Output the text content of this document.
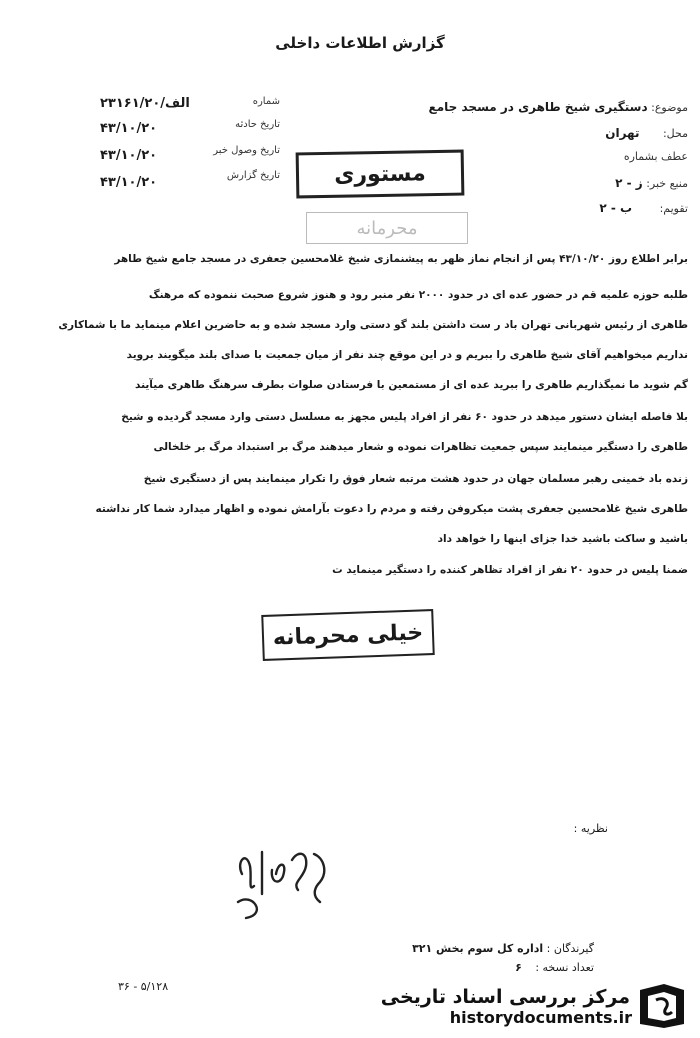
گزارش اطلاعات داخلی
شماره
۲۳۱۶۱/۲۰/الف
تاریخ حادثه
۴۳/۱۰/۲۰
تاریخ وصول خبر
۴۳/۱۰/۲۰
تاریخ گزارش
۴۳/۱۰/۲۰
موضوع: دستگیری شیخ طاهری در مسجد جامع
محل: تهران
عطف بشماره
منبع خبر: ز - ۲
تقویم: ب - ۲
مستوری
محرمانه
برابر اطلاع روز ۴۳/۱۰/۲۰ پس از انجام نماز ظهر به پیشنمازی شیخ غلامحسین جعفری در مسجد جامع شیخ طاهر
طلبه حوزه علمیه قم در حضور عده ای در حدود ۲۰۰۰ نفر منبر رود و هنوز شروع صحبت ننموده که مرهنگ
طاهری از رئیس شهربانی تهران باد ر ست داشتن بلند گو دستی وارد مسجد شده و به حاضرین اعلام مینماید ما با شماکاری
نداریم میخواهیم آقای شیخ طاهری را ببریم و در این موقع چند نفر از میان جمعیت با صدای بلند میگویند بروید
گم شوید ما نمیگذاریم طاهری را ببرید عده ای از مستمعین با فرستادن صلوات بطرف سرهنگ طاهری میآیند
بلا فاصله ایشان دستور میدهد در حدود ۶۰ نفر از افراد پلیس مجهز به مسلسل دستی وارد مسجد گردیده و شیخ
طاهری را دستگیر مینمایند سپس جمعیت تظاهرات نموده و شعار میدهند مرگ بر استبداد مرگ بر خلخالی
زنده باد خمینی رهبر مسلمان جهان در حدود هشت مرتبه شعار فوق را تکرار مینمایند پس از دستگیری شیخ
طاهری شیخ غلامحسین جعفری پشت میکروفن رفته و مردم را دعوت بآرامش نموده و اظهار میدارد شما کار نداشته
باشید و ساکت باشید خدا جزای اینها را خواهد داد
ضمنا پلیس در حدود ۲۰ نفر از افراد تظاهر کننده را دستگیر مینماید ت
خیلی محرمانه
نظریه :
گیرندگان : اداره کل سوم بخش ۳۲۱
تعداد نسخه : ۶
۳۶ - ۵/۱۲۸	مرکز بررسی اسناد تاریخی
historydocuments.ir
